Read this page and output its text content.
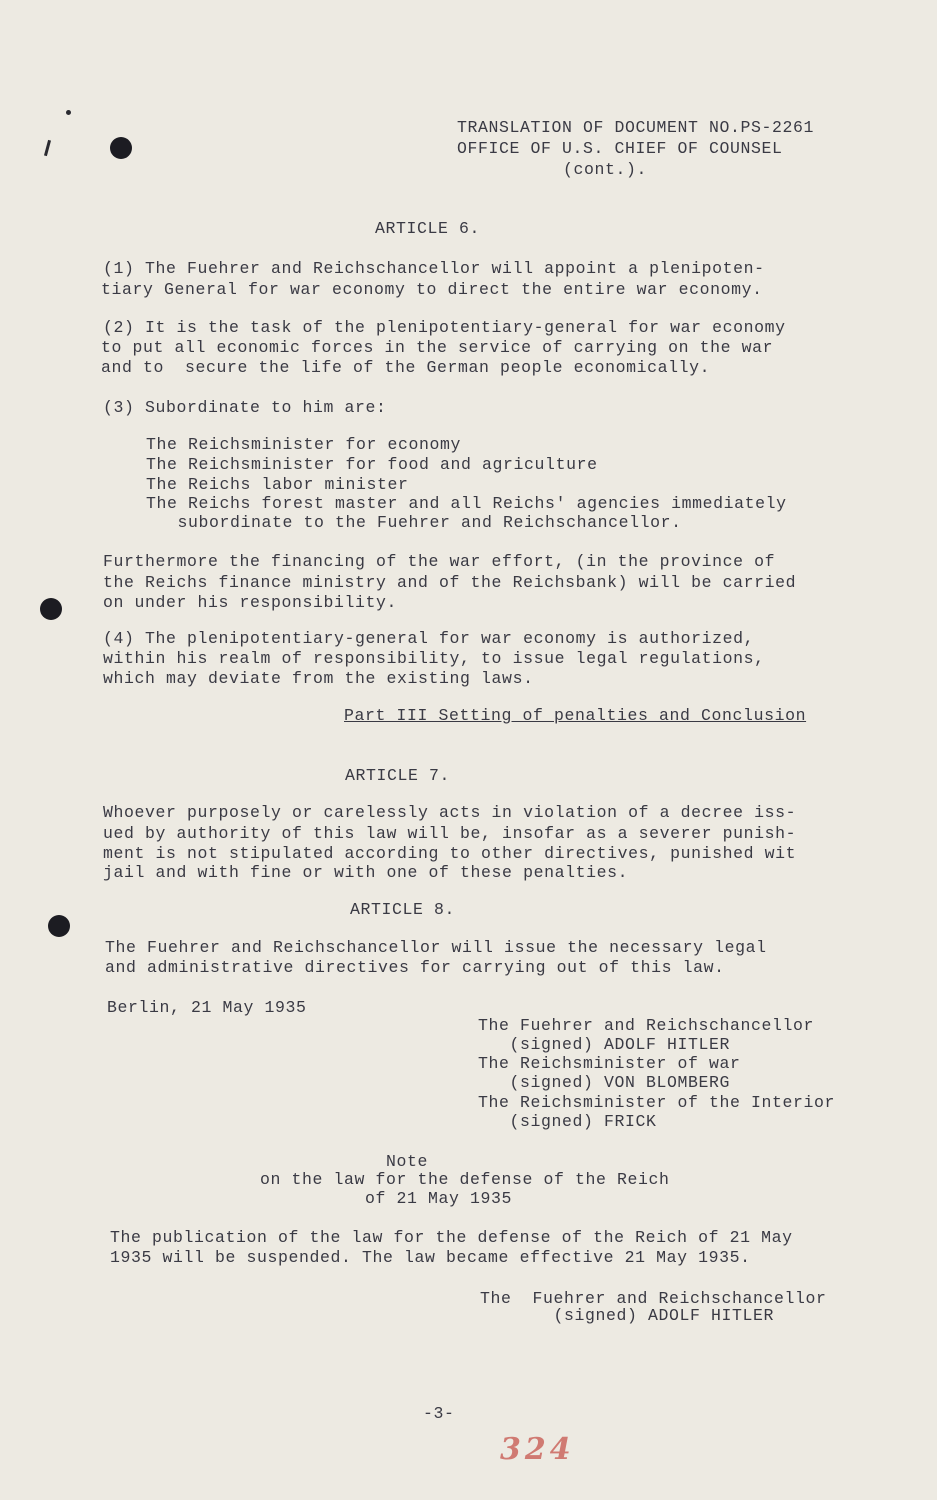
TRANSLATION OF DOCUMENT NO.PS-2261
OFFICE OF U.S. CHIEF OF COUNSEL
(cont.).
ARTICLE 6.
(1) The Fuehrer and Reichschancellor will appoint a plenipoten-
tiary General for war economy to direct the entire war economy.
(2) It is the task of the plenipotentiary-general for war economy
to put all economic forces in the service of carrying on the war
and to  secure the life of the German people economically.
(3) Subordinate to him are:
The Reichsminister for economy
The Reichsminister for food and agriculture
The Reichs labor minister
The Reichs forest master and all Reichs' agencies immediately
subordinate to the Fuehrer and Reichschancellor.
Furthermore the financing of the war effort, (in the province of
the Reichs finance ministry and of the Reichsbank) will be carried
on under his responsibility.
(4) The plenipotentiary-general for war economy is authorized,
within his realm of responsibility, to issue legal regulations,
which may deviate from the existing laws.
Part III Setting of penalties and Conclusion
ARTICLE 7.
Whoever purposely or carelessly acts in violation of a decree iss-
ued by authority of this law will be, insofar as a severer punish-
ment is not stipulated according to other directives, punished wit
jail and with fine or with one of these penalties.
ARTICLE 8.
The Fuehrer and Reichschancellor will issue the necessary legal
and administrative directives for carrying out of this law.
Berlin, 21 May 1935
The Fuehrer and Reichschancellor
(signed) ADOLF HITLER
The Reichsminister of war
(signed) VON BLOMBERG
The Reichsminister of the Interior
(signed) FRICK
Note
on the law for the defense of the Reich
of 21 May 1935
The publication of the law for the defense of the Reich of 21 May
1935 will be suspended. The law became effective 21 May 1935.
The  Fuehrer and Reichschancellor
(signed) ADOLF HITLER
-3-
324
